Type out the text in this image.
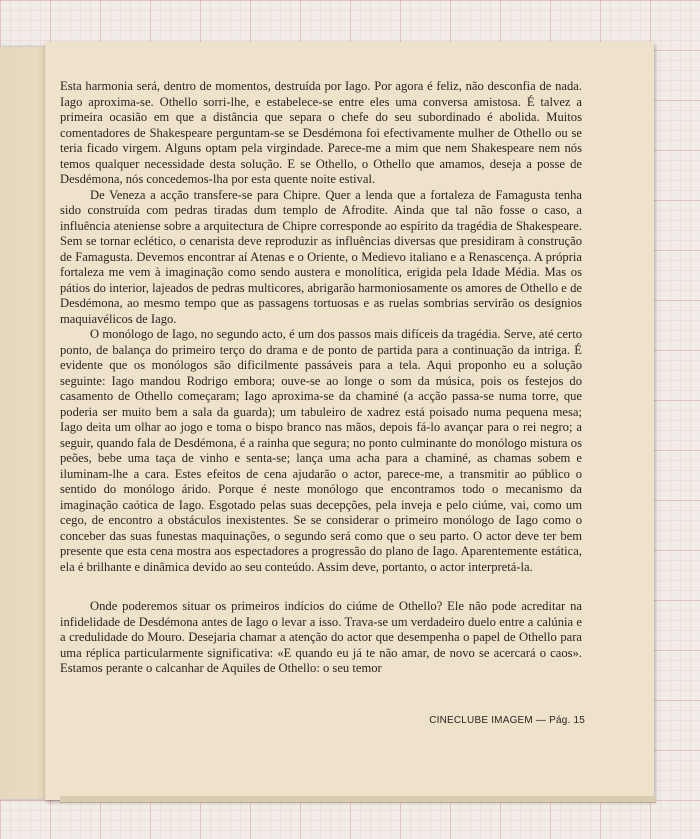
Esta harmonia será, dentro de momentos, destruída por Iago. Por agora é feliz, não desconfia de nada. Iago aproxima-se. Othello sorri-lhe, e estabelece-se entre eles uma conversa amistosa. É talvez a primeira ocasião em que a distância que separa o chefe do seu subordinado é abolida. Muitos comentadores de Shakespeare perguntam-se se Desdémona foi efectivamente mulher de Othello ou se teria ficado virgem. Alguns optam pela virgindade. Parece-me a mim que nem Shakespeare nem nós temos qualquer necessidade desta solução. E se Othello, o Othello que amamos, deseja a posse de Desdémona, nós concedemos-lha por esta quente noite estival.

De Veneza a acção transfere-se para Chipre. Quer a lenda que a fortaleza de Famagusta tenha sido construída com pedras tiradas dum templo de Afrodite. Ainda que tal não fosse o caso, a influência ateniense sobre a arquitectura de Chipre corresponde ao espírito da tragédia de Shakespeare. Sem se tornar eclético, o cenarista deve reproduzir as influências diversas que presidiram à construção de Famagusta. Devemos encontrar aí Atenas e o Oriente, o Medievo italiano e a Renascença. A própria fortaleza me vem à imaginação como sendo austera e monolítica, erigida pela Idade Média. Mas os pátios do interior, lajeados de pedras multicores, abrigarão harmoniosamente os amores de Othello e de Desdémona, ao mesmo tempo que as passagens tortuosas e as ruelas sombrias servirão os desígnios maquiavélicos de Iago.

O monólogo de Iago, no segundo acto, é um dos passos mais difíceis da tragédia. Serve, até certo ponto, de balança do primeiro terço do drama e de ponto de partida para a continuação da intriga. É evidente que os monólogos são dificilmente passáveis para a tela. Aqui proponho eu a solução seguinte: Iago mandou Rodrigo embora; ouve-se ao longe o som da música, pois os festejos do casamento de Othello começaram; Iago aproxima-se da chaminé (a acção passa-se numa torre, que poderia ser muito bem a sala da guarda); um tabuleiro de xadrez está poisado numa pequena mesa; Iago deita um olhar ao jogo e toma o bispo branco nas mãos, depois fá-lo avançar para o rei negro; a seguir, quando fala de Desdémona, é a rainha que segura; no ponto culminante do monólogo mistura os peões, bebe uma taça de vinho e senta-se; lança uma acha para a chaminé, as chamas sobem e iluminam-lhe a cara. Estes efeitos de cena ajudarão o actor, parece-me, a transmitir ao público o sentido do monólogo árido. Porque é neste monólogo que encontramos todo o mecanismo da imaginação caótica de Iago. Esgotado pelas suas decepções, pela inveja e pelo ciúme, vai, como um cego, de encontro a obstáculos inexistentes. Se se considerar o primeiro monólogo de Iago como o conceber das suas funestas maquinações, o segundo será como que o seu parto. O actor deve ter bem presente que esta cena mostra aos espectadores a progressão do plano de Iago. Aparentemente estática, ela é brilhante e dinâmica devido ao seu conteúdo. Assim deve, portanto, o actor interpretá-la.

Onde poderemos situar os primeiros indícios do ciúme de Othello? Ele não pode acreditar na infidelidade de Desdémona antes de Iago o levar a isso. Trava-se um verdadeiro duelo entre a calúnia e a credulidade do Mouro. Desejaria chamar a atenção do actor que desempenha o papel de Othello para uma réplica particularmente significativa: «E quando eu já te não amar, de novo se acercará o caos». Estamos perante o calcanhar de Aquiles de Othello: o seu temor

CINECLUBE IMAGEM — Pág. 15
